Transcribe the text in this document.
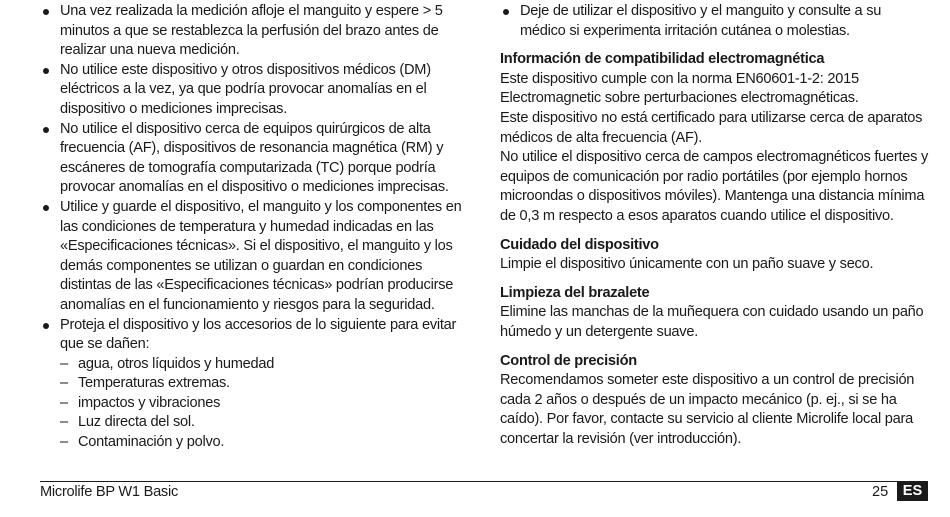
Una vez realizada la medición afloje el manguito y espere > 5 minutos a que se restablezca la perfusión del brazo antes de realizar una nueva medición.
No utilice este dispositivo y otros dispositivos médicos (DM) eléctricos a la vez, ya que podría provocar anomalías en el dispositivo o mediciones imprecisas.
No utilice el dispositivo cerca de equipos quirúrgicos de alta frecuencia (AF), dispositivos de resonancia magnética (RM) y escáneres de tomografía computarizada (TC) porque podría provocar anomalías en el dispositivo o mediciones imprecisas.
Utilice y guarde el dispositivo, el manguito y los componentes en las condiciones de temperatura y humedad indicadas en las «Especificaciones técnicas». Si el dispositivo, el manguito y los demás componentes se utilizan o guardan en condiciones distintas de las «Especificaciones técnicas» podrían producirse anomalías en el funcionamiento y riesgos para la seguridad.
Proteja el dispositivo y los accesorios de lo siguiente para evitar que se dañen:
– agua, otros líquidos y humedad
– Temperaturas extremas.
– impactos y vibraciones
– Luz directa del sol.
– Contaminación y polvo.
Deje de utilizar el dispositivo y el manguito y consulte a su médico si experimenta irritación cutánea o molestias.

Información de compatibilidad electromagnética

Este dispositivo cumple con la norma EN60601-1-2: 2015 Electromagnetic sobre perturbaciones electromagnéticas.

Este dispositivo no está certificado para utilizarse cerca de aparatos médicos de alta frecuencia (AF).

No utilice el dispositivo cerca de campos electromagnéticos fuertes y equipos de comunicación por radio portátiles (por ejemplo hornos microondas o dispositivos móviles). Mantenga una distancia mínima de 0,3 m respecto a esos aparatos cuando utilice el dispositivo.

Cuidado del dispositivo

Limpie el dispositivo únicamente con un paño suave y seco.

Limpieza del brazalete

Elimine las manchas de la muñequera con cuidado usando un paño húmedo y un detergente suave.

Control de precisión

Recomendamos someter este dispositivo a un control de precisión cada 2 años o después de un impacto mecánico (p. ej., si se ha caído). Por favor, contacte su servicio al cliente Microlife local para concertar la revisión (ver introducción).

Microlife BP W1 Basic	25 ES
